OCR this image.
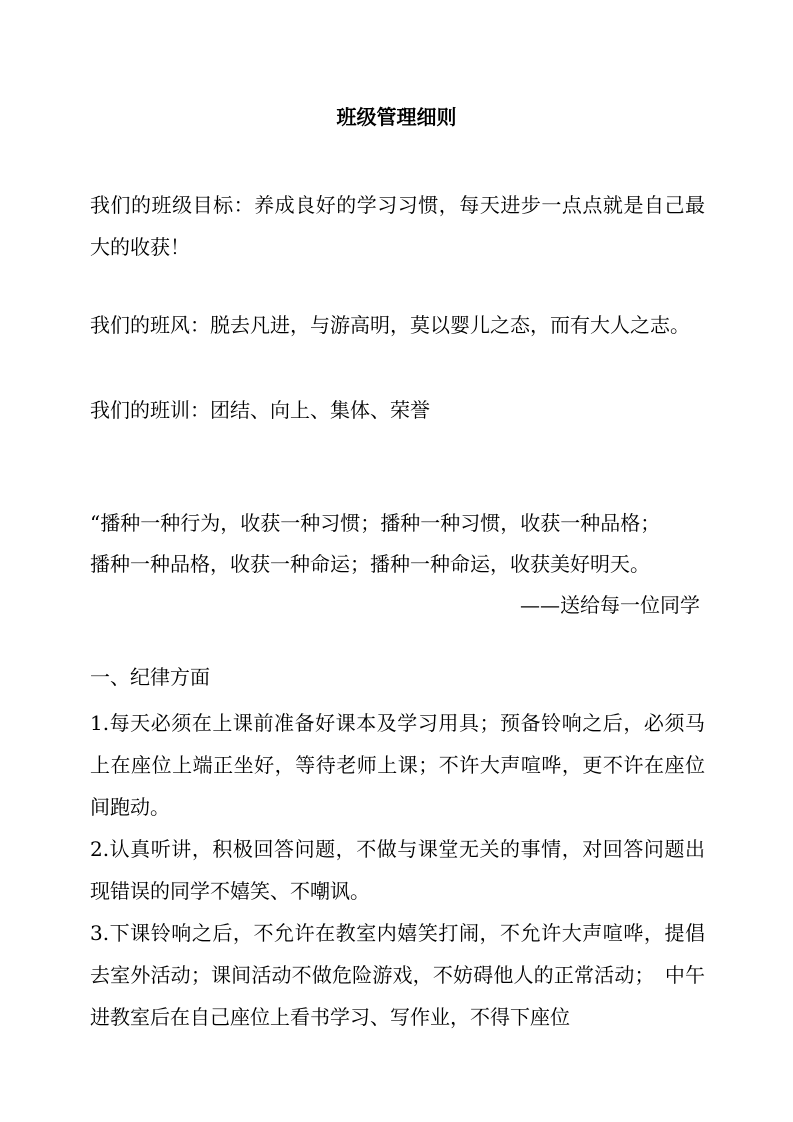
班级管理细则
我们的班级目标：养成良好的学习习惯，每天进步一点点就是自己最大的收获！
我们的班风：脱去凡进，与游高明，莫以婴儿之态，而有大人之志。
我们的班训：团结、向上、集体、荣誉
“播种一种行为，收获一种习惯；播种一种习惯，收获一种品格；
播种一种品格，收获一种命运；播种一种命运，收获美好明天。
——送给每一位同学
一、纪律方面
1.每天必须在上课前准备好课本及学习用具；预备铃响之后，必须马上在座位上端正坐好，等待老师上课；不许大声喧哗，更不许在座位间跑动。
2.认真听讲，积极回答问题，不做与课堂无关的事情，对回答问题出现错误的同学不嬉笑、不嘲讽。
3.下课铃响之后，不允许在教室内嬉笑打闹，不允许大声喧哗，提倡去室外活动；课间活动不做危险游戏，不妨碍他人的正常活动；　中午进教室后在自己座位上看书学习、写作业，不得下座位
